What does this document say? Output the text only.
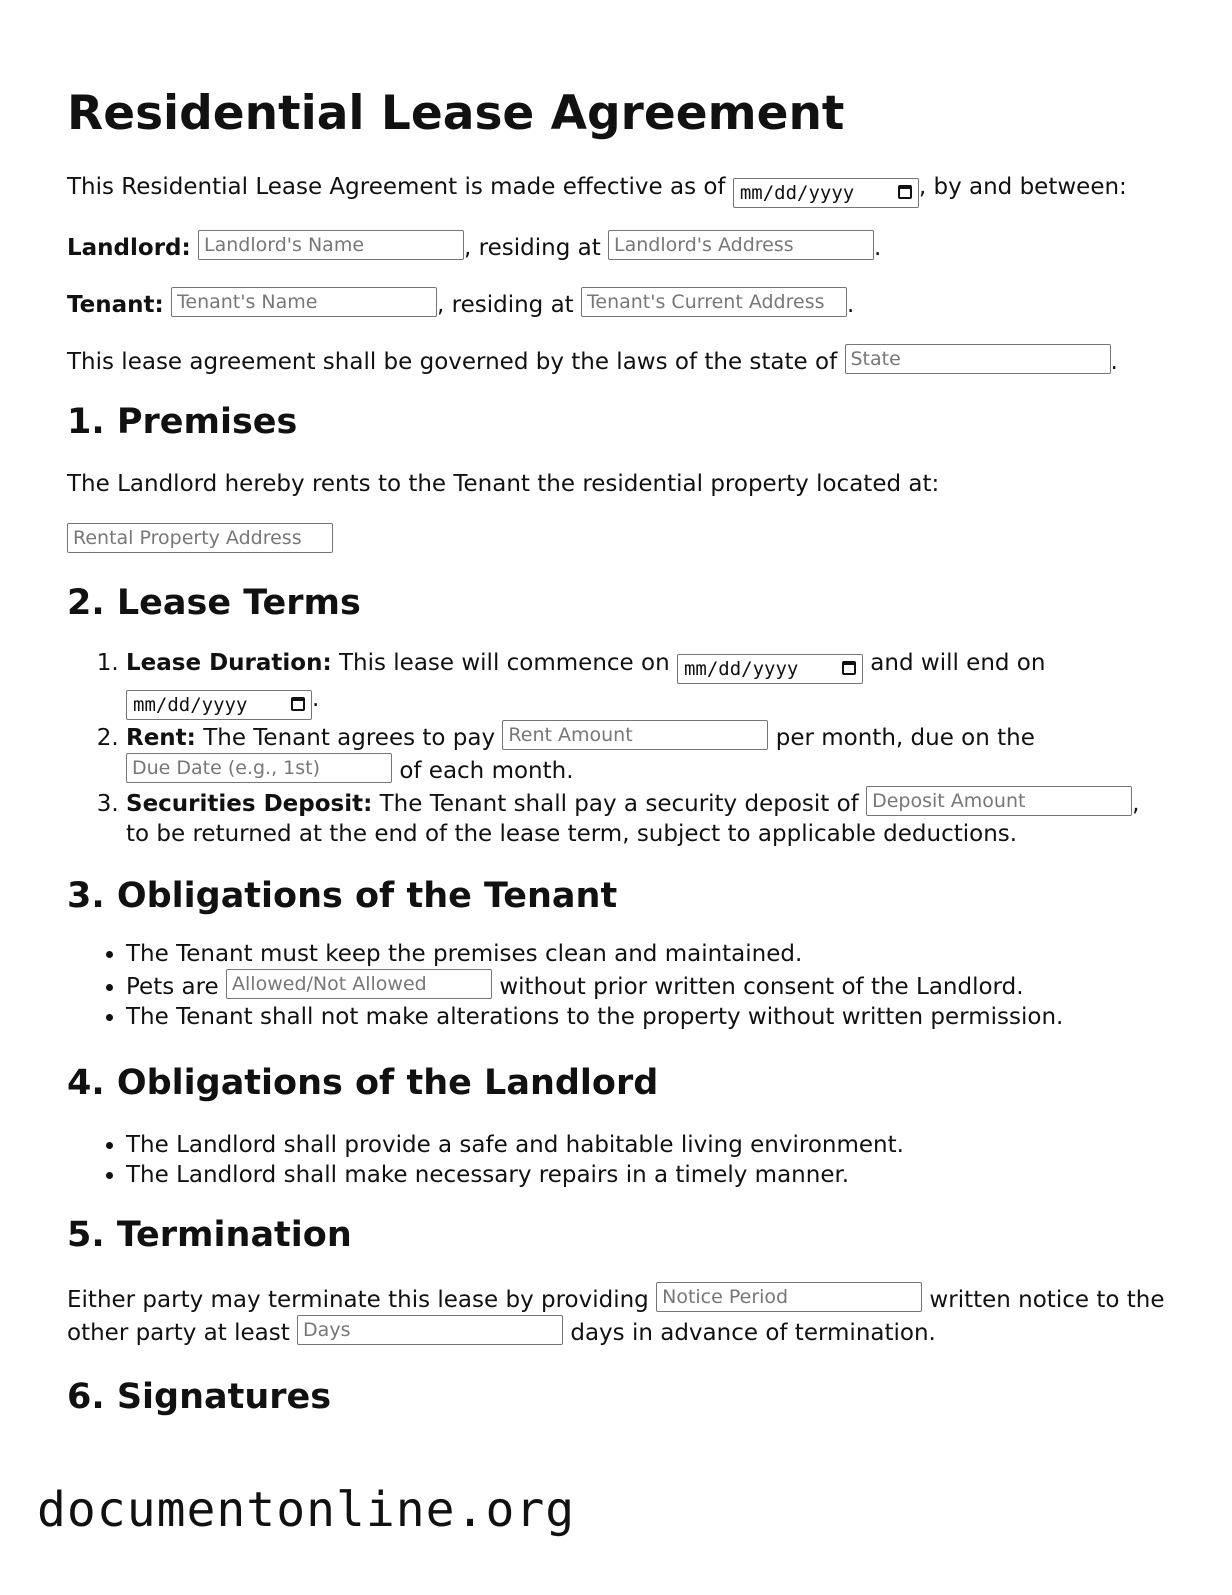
Residential Lease Agreement

This Residential Lease Agreement is made effective as of mm/dd/yyyy	, by and between:

Landlord: Landlord's Name	, residing at Landlord's Address	.

Tenant: Tenant's Name	, residing at Tenant's Current Address .

This lease agreement shall be governed by the laws of the state of State	.

1. Premises

The Landlord hereby rents to the Tenant the residential property located at:

Rental Property Address

2. Lease Terms
1. Lease Duration: This lease will commence on mm/dd/yyyy	and will end on mm/dd/yyyy	.
2. Rent: The Tenant agrees to pay Rent Amount	per month, due on the Due Date (e.g., 1st)	of each month.
3. Securities Deposit: The Tenant shall pay a security deposit of Deposit Amount	, to be returned at the end of the lease term, subject to applicable deductions.
3. Obligations of the Tenant
• The Tenant must keep the premises clean and maintained.
• Pets are Allowed/Not Allowed	without prior written consent of the Landlord.
• The Tenant shall not make alterations to the property without written permission.
4. Obligations of the Landlord
• The Landlord shall provide a safe and habitable living environment.
• The Landlord shall make necessary repairs in a timely manner.
5. Termination

Either party may terminate this lease by providing Notice Period	written notice to the other party at least Days	days in advance of termination.

6. Signatures
documentonline.org
